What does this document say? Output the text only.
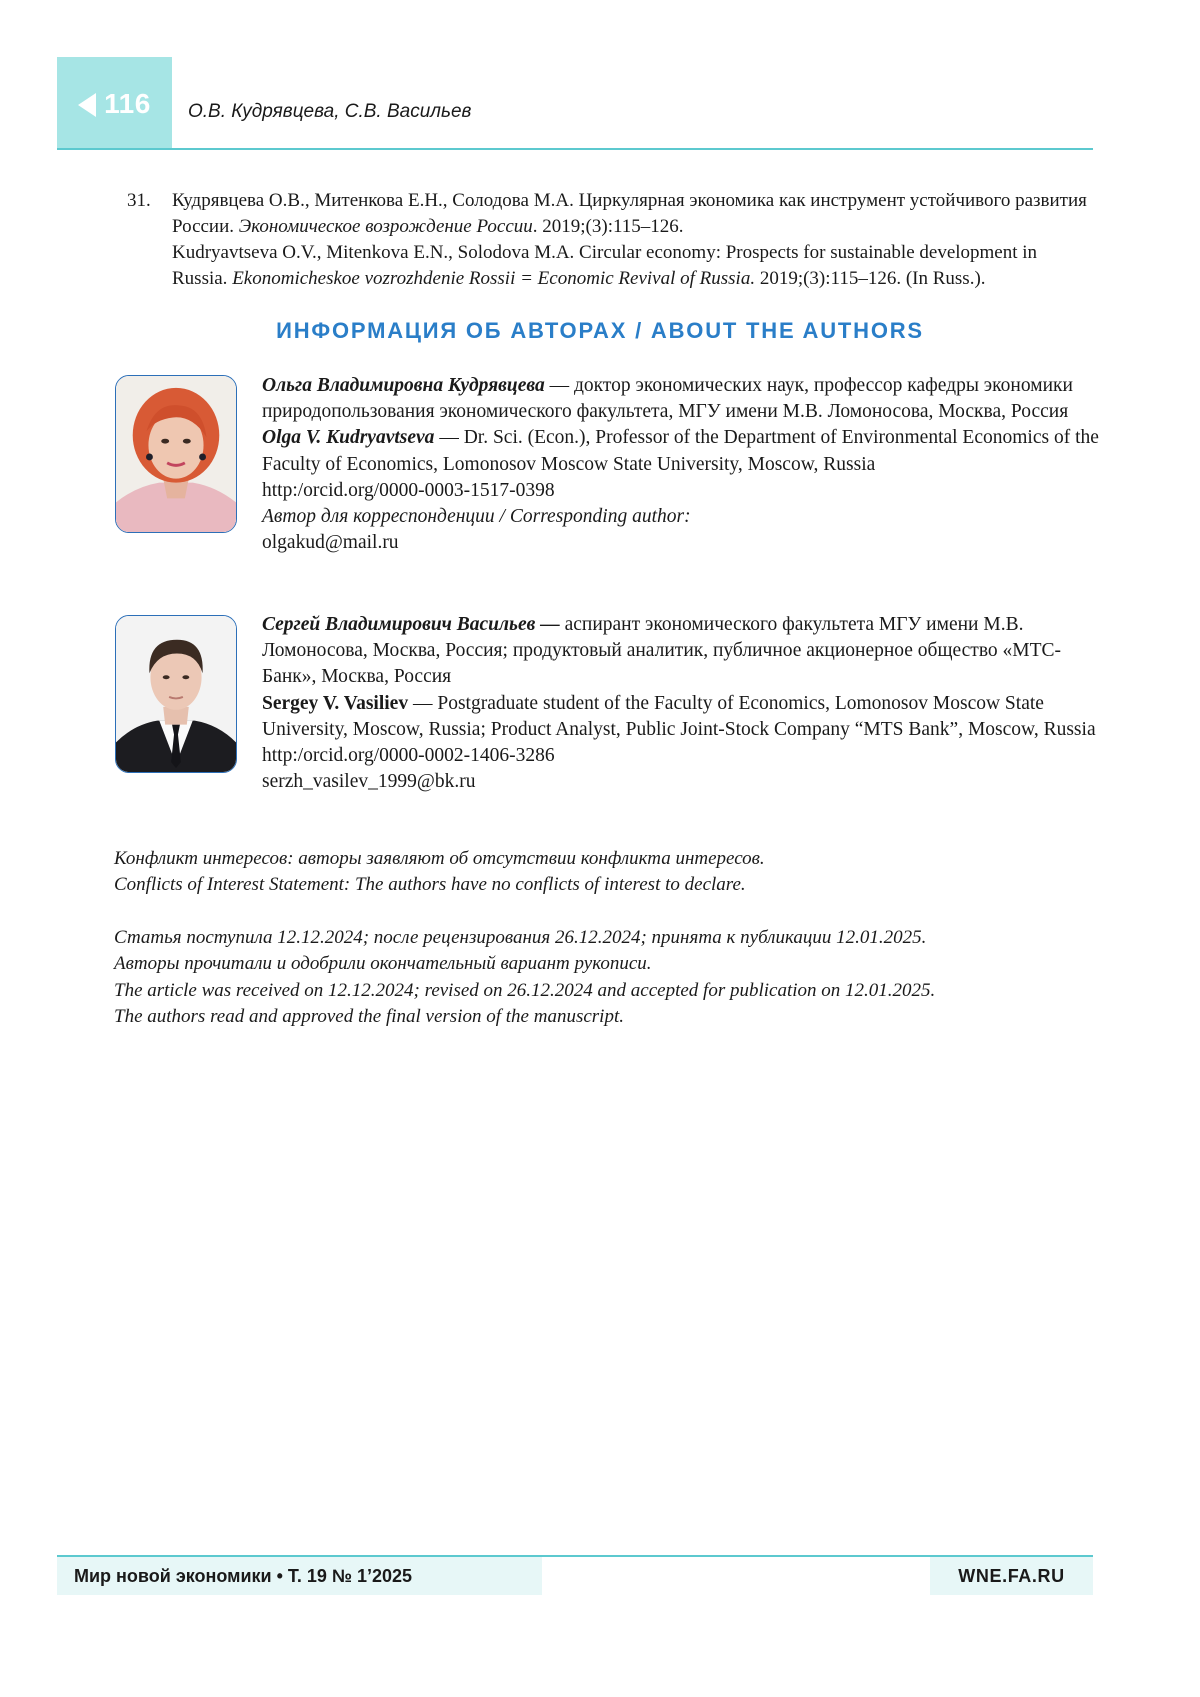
116 О.В. Кудрявцева, С.В. Васильев
31. Кудрявцева О.В., Митенкова Е.Н., Солодова М.А. Циркулярная экономика как инструмент устойчивого развития России. Экономическое возрождение России. 2019;(3):115–126.

Kudryavtseva O.V., Mitenkova E.N., Solodova M.A. Circular economy: Prospects for sustainable development in Russia. Ekonomicheskoe vozrozhdenie Rossii = Economic Revival of Russia. 2019;(3):115–126. (In Russ.).

ИНФОРМАЦИЯ ОБ АВТОРАХ / ABOUT THE AUTHORS

Ольга Владимировна Кудрявцева — доктор экономических наук, профессор кафедры экономики природопользования экономического факультета, МГУ имени М.В. Ломоносова, Москва, Россия

Olga V. Kudryavtseva — Dr. Sci. (Econ.), Professor of the Department of Environmental Economics of the Faculty of Economics, Lomonosov Moscow State University, Moscow, Russia

http:/orcid.org/0000-0003-1517-0398

Автор для корреспонденции / Corresponding author:

olgakud@mail.ru

Сергей Владимирович Васильев — аспирант экономического факультета МГУ имени М.В. Ломоносова, Москва, Россия; продуктовый аналитик, публичное акционерное общество «МТС-Банк», Москва, Россия

Sergey V. Vasiliev — Postgraduate student of the Faculty of Economics, Lomonosov Moscow State University, Moscow, Russia; Product Analyst, Public Joint-Stock Company “MTS Bank”, Moscow, Russia

http:/orcid.org/0000-0002-1406-3286

serzh_vasilev_1999@bk.ru

Конфликт интересов: авторы заявляют об отсутствии конфликта интересов.

Conflicts of Interest Statement: The authors have no conflicts of interest to declare.

Статья поступила 12.12.2024; после рецензирования 26.12.2024; принята к публикации 12.01.2025.

Авторы прочитали и одобрили окончательный вариант рукописи.

The article was received on 12.12.2024; revised on 26.12.2024 and accepted for publication on 12.01.2025.

The authors read and approved the final version of the manuscript.

Мир новой экономики • Т. 19 № 1’2025	WNE.FA.RU
